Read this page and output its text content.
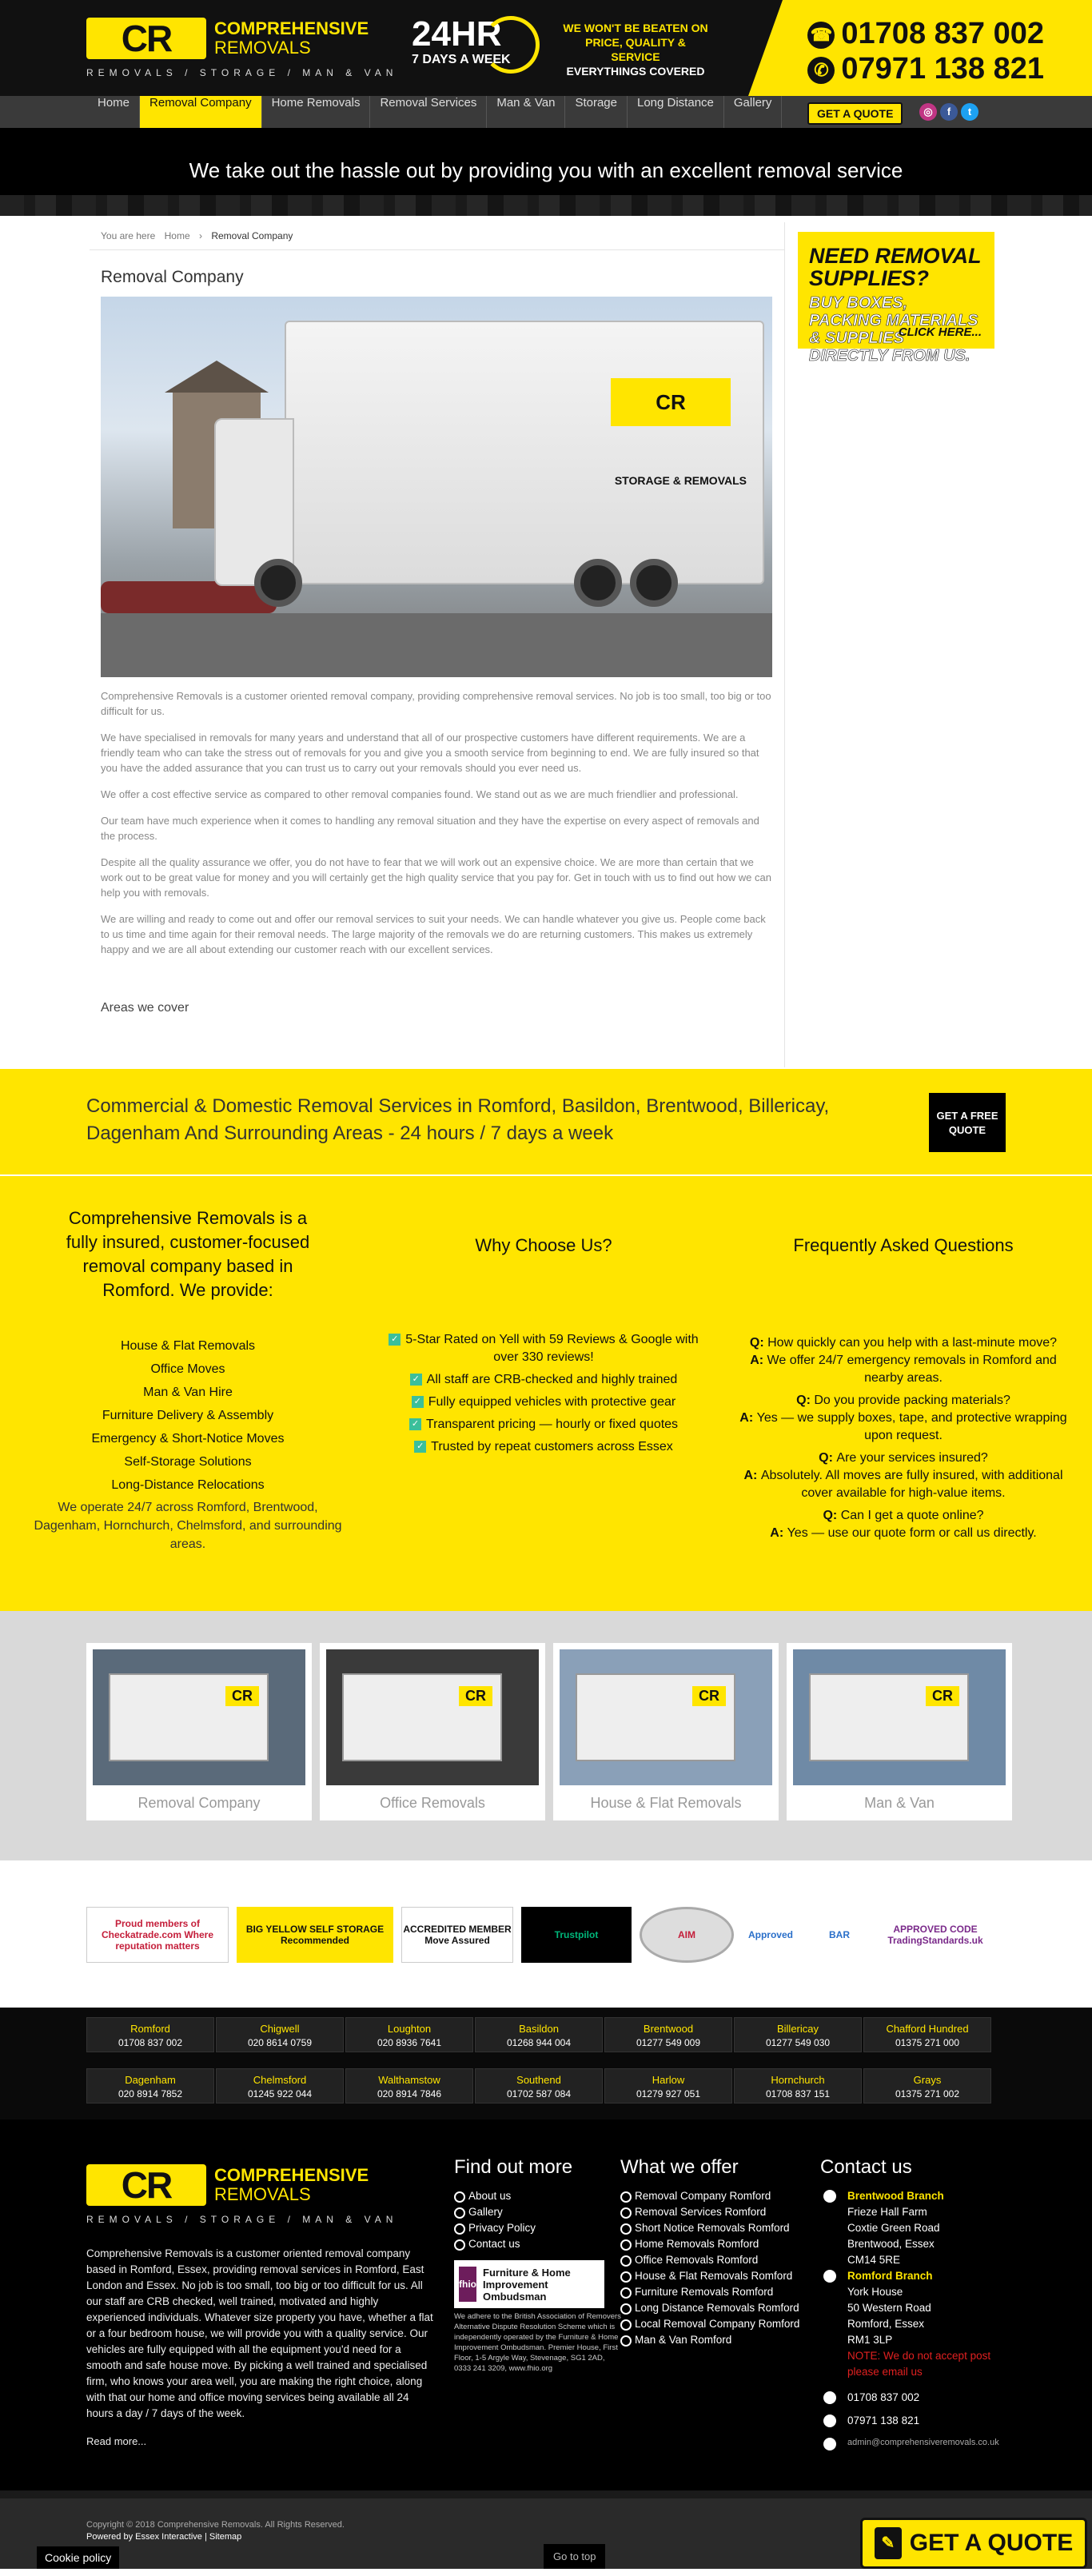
CR	COMPREHENSIVE
REMOVALS
REMOVALS / STORAGE / MAN & VAN
24HR
7 DAYS A WEEK
WE WON'T BE BEATEN ON
PRICE, QUALITY & SERVICE
EVERYTHINGS COVERED
☎ 01708 837 002
✆ 07971 138 821
Home	Removal Company	Home Removals	Removal Services	Man & Van	Storage	Long Distance	Gallery
GET A QUOTE	◎	f	t
We take out the hassle out by providing you with an excellent removal service
You are here Home › Removal Company
Removal Company
CR
STORAGE & REMOVALS

Comprehensive Removals is a customer oriented removal company, providing comprehensive removal services. No job is too small, too big or too difficult for us.

We have specialised in removals for many years and understand that all of our prospective customers have different requirements. We are a friendly team who can take the stress out of removals for you and give you a smooth service from beginning to end. We are fully insured so that you have the added assurance that you can trust us to carry out your removals should you ever need us.

We offer a cost effective service as compared to other removal companies found. We stand out as we are much friendlier and professional.

Our team have much experience when it comes to handling any removal situation and they have the expertise on every aspect of removals and the process.

Despite all the quality assurance we offer, you do not have to fear that we will work out an expensive choice. We are more than certain that we work out to be great value for money and you will certainly get the high quality service that you pay for. Get in touch with us to find out how we can help you with removals.

We are willing and ready to come out and offer our removal services to suit your needs. We can handle whatever you give us. People come back to us time and time again for their removal needs. The large majority of the removals we do are returning customers. This makes us extremely happy and we are all about extending our customer reach with our excellent services.

Areas we cover
NEED REMOVAL SUPPLIES?
BUY BOXES, PACKING MATERIALS & SUPPLIES DIRECTLY FROM US.
CLICK HERE...

Commercial & Domestic Removal Services in Romford, Basildon, Brentwood, Billericay, Dagenham And Surrounding Areas - 24 hours / 7 days a week

GET A FREE QUOTE
Comprehensive Removals is a fully insured, customer-focused removal company based in Romford. We provide:
House & Flat Removals
Office Moves
Man & Van Hire
Furniture Delivery & Assembly
Emergency & Short-Notice Moves
Self-Storage Solutions
Long-Distance Relocations
We operate 24/7 across Romford, Brentwood, Dagenham, Hornchurch, Chelmsford, and surrounding areas.
Why Choose Us?
✓ 5-Star Rated on Yell with 59 Reviews & Google with over 330 reviews!
✓ All staff are CRB-checked and highly trained
✓ Fully equipped vehicles with protective gear
✓ Transparent pricing — hourly or fixed quotes
✓ Trusted by repeat customers across Essex
Frequently Asked Questions

Q: How quickly can you help with a last-minute move?

A: We offer 24/7 emergency removals in Romford and nearby areas.

Q: Do you provide packing materials?

A: Yes — we supply boxes, tape, and protective wrapping upon request.

Q: Are your services insured?

A: Absolutely. All moves are fully insured, with additional cover available for high-value items.

Q: Can I get a quote online?

A: Yes — use our quote form or call us directly.

CR
Removal Company
CR	Office Removals
CR	House & Flat Removals
CR	Man & Van
Proud members of Checkatrade.com Where reputation matters
BIG YELLOW SELF STORAGE Recommended
ACCREDITED MEMBER Move Assured	Trustpilot	AIM	Approved	BAR	APPROVED CODE TradingStandards.uk
Romford
01708 837 002
Chigwell
020 8614 0759
Loughton
020 8936 7641
Basildon
01268 944 004
Brentwood
01277 549 009
Billericay
01277 549 030
Chafford Hundred
01375 271 000
Dagenham
020 8914 7852
Chelmsford
01245 922 044
Walthamstow
020 8914 7846
Southend
01702 587 084
Harlow
01279 927 051
Hornchurch
01708 837 151
Grays
01375 271 002
CR	COMPREHENSIVE
REMOVALS
REMOVALS / STORAGE / MAN & VAN
Comprehensive Removals is a customer oriented removal company based in Romford, Essex, providing removal services in Romford, East London and Essex. No job is too small, too big or too difficult for us. All our staff are CRB checked, well trained, motivated and highly experienced individuals. Whatever size property you have, whether a flat or a four bedroom house, we will provide you with a quality service. Our vehicles are fully equipped with all the equipment you'd need for a smooth and safe house move. By picking a well trained and specialised firm, who knows your area well, you are making the right choice, along with that our home and office moving services being available all 24 hours a day / 7 days of the week.
Read more...
Find out more
About us
Gallery
Privacy Policy
Contact us
fhio
Furniture & Home Improvement Ombudsman
We adhere to the British Association of Removers Alternative Dispute Resolution Scheme which is independently operated by the Furniture & Home Improvement Ombudsman. Premier House, First Floor, 1-5 Argyle Way, Stevenage, SG1 2AD, 0333 241 3209, www.fhio.org
What we offer
Removal Company Romford
Removal Services Romford
Short Notice Removals Romford
Home Removals Romford
Office Removals Romford
House & Flat Removals Romford
Furniture Removals Romford
Long Distance Removals Romford
Local Removal Company Romford
Man & Van Romford
Contact us
Brentwood Branch
Frieze Hall Farm
Coxtie Green Road
Brentwood, Essex
CM14 5RE
Romford Branch
York House
50 Western Road
Romford, Essex
RM1 3LP
NOTE: We do not accept post please email us
01708 837 002
07971 138 821
admin@comprehensiveremovals.co.uk
Copyright © 2018 Comprehensive Removals. All Rights Reserved.
Powered by Essex Interactive | Sitemap
Cookie policy	Go to top
✎ GET A QUOTE
